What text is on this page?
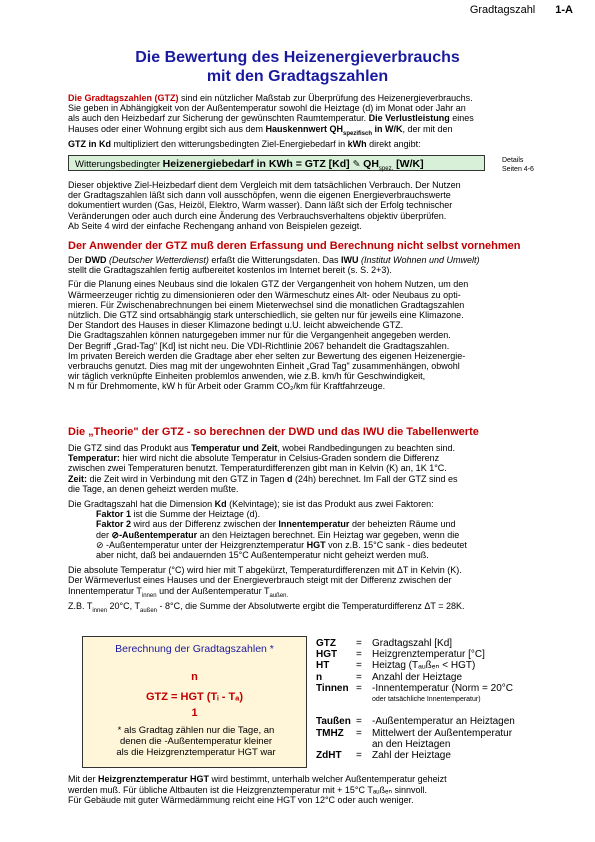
Gradtagszahl 1-A
Die Bewertung des Heizenergieverbrauchs
mit den Gradtagszahlen
Die Gradtagszahlen (GTZ) sind ein nützlicher Maßstab zur Überprüfung des Heizenergieverbrauchs.
Sie geben in Abhängigkeit von der Außentemperatur sowohl die Heiztage (d) im Monat oder Jahr an
als auch den Heizbedarf zur Sicherung der gewünschten Raumtemperatur. Die Verlustleistung eines
Hauses oder einer Wohnung ergibt sich aus dem Hauskennwert $QH_{spezifisch}$ in W/K, der mit den
GTZ in Kd multipliziert den witterungsbedingten Ziel-Energiebedarf in kWh direkt angibt:
Witterungsbedingter Heizenergiebedarf in KWh = GTZ [Kd] ✎ $QH_{spez.}$ [W/K]	Details
Seiten 4-6
Dieser objektive Ziel-Heizbedarf dient dem Vergleich mit dem tatsächlichen Verbrauch. Der Nutzen
der Gradtagszahlen läßt sich dann voll ausschöpfen, wenn die eigenen Energieverbrauchswerte
dokumentiert wurden (Gas, Heizöl, Elektro, Warm wasser). Dann läßt sich der Erfolg technischer
Veränderungen oder auch durch eine Änderung des Verbrauchsverhaltens objektiv überprüfen.
Ab Seite 4 wird der einfache Rechengang anhand von Beispielen gezeigt.
Der Anwender der GTZ muß deren Erfassung und Berechnung nicht selbst vornehmen
Der DWD (Deutscher Wetterdienst) erfaßt die Witterungsdaten. Das IWU (Institut Wohnen und Umwelt)
stellt die Gradtagszahlen fertig aufbereitet kostenlos im Internet bereit (s. S. 2+3).
Für die Planung eines Neubaus sind die lokalen GTZ der Vergangenheit von hohem Nutzen, um den
Wärmeerzeuger richtig zu dimensionieren oder den Wärmeschutz eines Alt- oder Neubaus zu opti-
mieren. Für Zwischenabrechnungen bei einem Mieterwechsel sind die monatlichen Gradtagszahlen
nützlich. Die GTZ sind ortsabhängig stark unterschiedlich, sie gelten nur für jeweils eine Klimazone.
Der Standort des Hauses in dieser Klimazone bedingt u.U. leicht abweichende GTZ.
Die Gradtagszahlen können naturgegeben immer nur für die Vergangenheit angegeben werden.
Der Begriff „Grad-Tag" [Kd] ist nicht neu. Die VDI-Richtlinie 2067 behandelt die Gradtagszahlen.
Im privaten Bereich werden die Gradtage aber eher selten zur Bewertung des eigenen Heizenergie-
verbrauchs genutzt. Dies mag mit der ungewohnten Einheit „Grad Tag" zusammenhängen, obwohl
wir täglich verknüpfte Einheiten problemlos anwenden, wie z.B. km/h für Geschwindigkeit,
N m für Drehmomente, kW h für Arbeit oder Gramm CO₂/km für Kraftfahrzeuge.
Die „Theorie" der GTZ - so berechnen der DWD und das IWU die Tabellenwerte
Die GTZ sind das Produkt aus Temperatur und Zeit, wobei Randbedingungen zu beachten sind.
Temperatur: hier wird nicht die absolute Temperatur in Celsius-Graden sondern die Differenz
zwischen zwei Temperaturen benutzt. Temperaturdifferenzen gibt man in Kelvin (K) an, 1K 1°C.
Zeit: die Zeit wird in Verbindung mit den GTZ in Tagen d (24h) berechnet. Im Fall der GTZ sind es
die Tage, an denen geheizt werden mußte.
Die Gradtagszahl hat die Dimension Kd (Kelvintage); sie ist das Produkt aus zwei Faktoren:
Faktor 1 ist die Summe der Heiztage (d).
Faktor 2 wird aus der Differenz zwischen der Innentemperatur der beheizten Räume und
der ⊘-Außentemperatur an den Heiztagen berechnet. Ein Heiztag war gegeben, wenn die
⊘ -Außentemperatur unter der Heizgrenztemperatur HGT von z.B. 15°C sank - dies bedeutet
aber nicht, daß bei andauernden 15°C Außentemperatur nicht geheizt werden muß.
Die absolute Temperatur (°C) wird hier mit T abgekürzt, Temperaturdifferenzen mit ΔT in Kelvin (K).
Der Wärmeverlust eines Hauses und der Energieverbrauch steigt mit der Differenz zwischen der
Innentemperatur $T_{innen}$ und der Außentemperatur $T_{außen.}$
Z.B. $T_{innen}$ 20°C, $T_{außen} - 8^\circ C$, die Summe der Absolutwerte ergibt die Temperaturdifferenz ΔT = 28K.
Berechnung der Gradtagszahlen *
n
GTZ = HGT (Tᵢ - Tₐ)
1
* als Gradtag zählen nur die Tage, an
denen die -Außentemperatur kleiner
als die Heizgrenztemperatur HGT war
GTZ = Gradtagszahl [Kd]
HGT = Heizgrenztemperatur [°C]
HT	= Heiztag (Tₐᵤßₑₙ < HGT)
n	= Anzahl der Heiztage
Tinnen = -Innentemperatur (Norm = 20°C
oder tatsächliche Innentemperatur)
Taußen = -Außentemperatur an Heiztagen
TMHZ = Mittelwert der Außentemperatur
an den Heiztagen
ZdHT = Zahl der Heiztage
Mit der Heizgrenztemperatur HGT wird bestimmt, unterhalb welcher Außentemperatur geheizt
werden muß. Für übliche Altbauten ist die Heizgrenztemperatur mit + 15°C Tₐᵤßₑₙ sinnvoll.
Für Gebäude mit guter Wärmedämmung reicht eine HGT von 12°C oder auch weniger.
